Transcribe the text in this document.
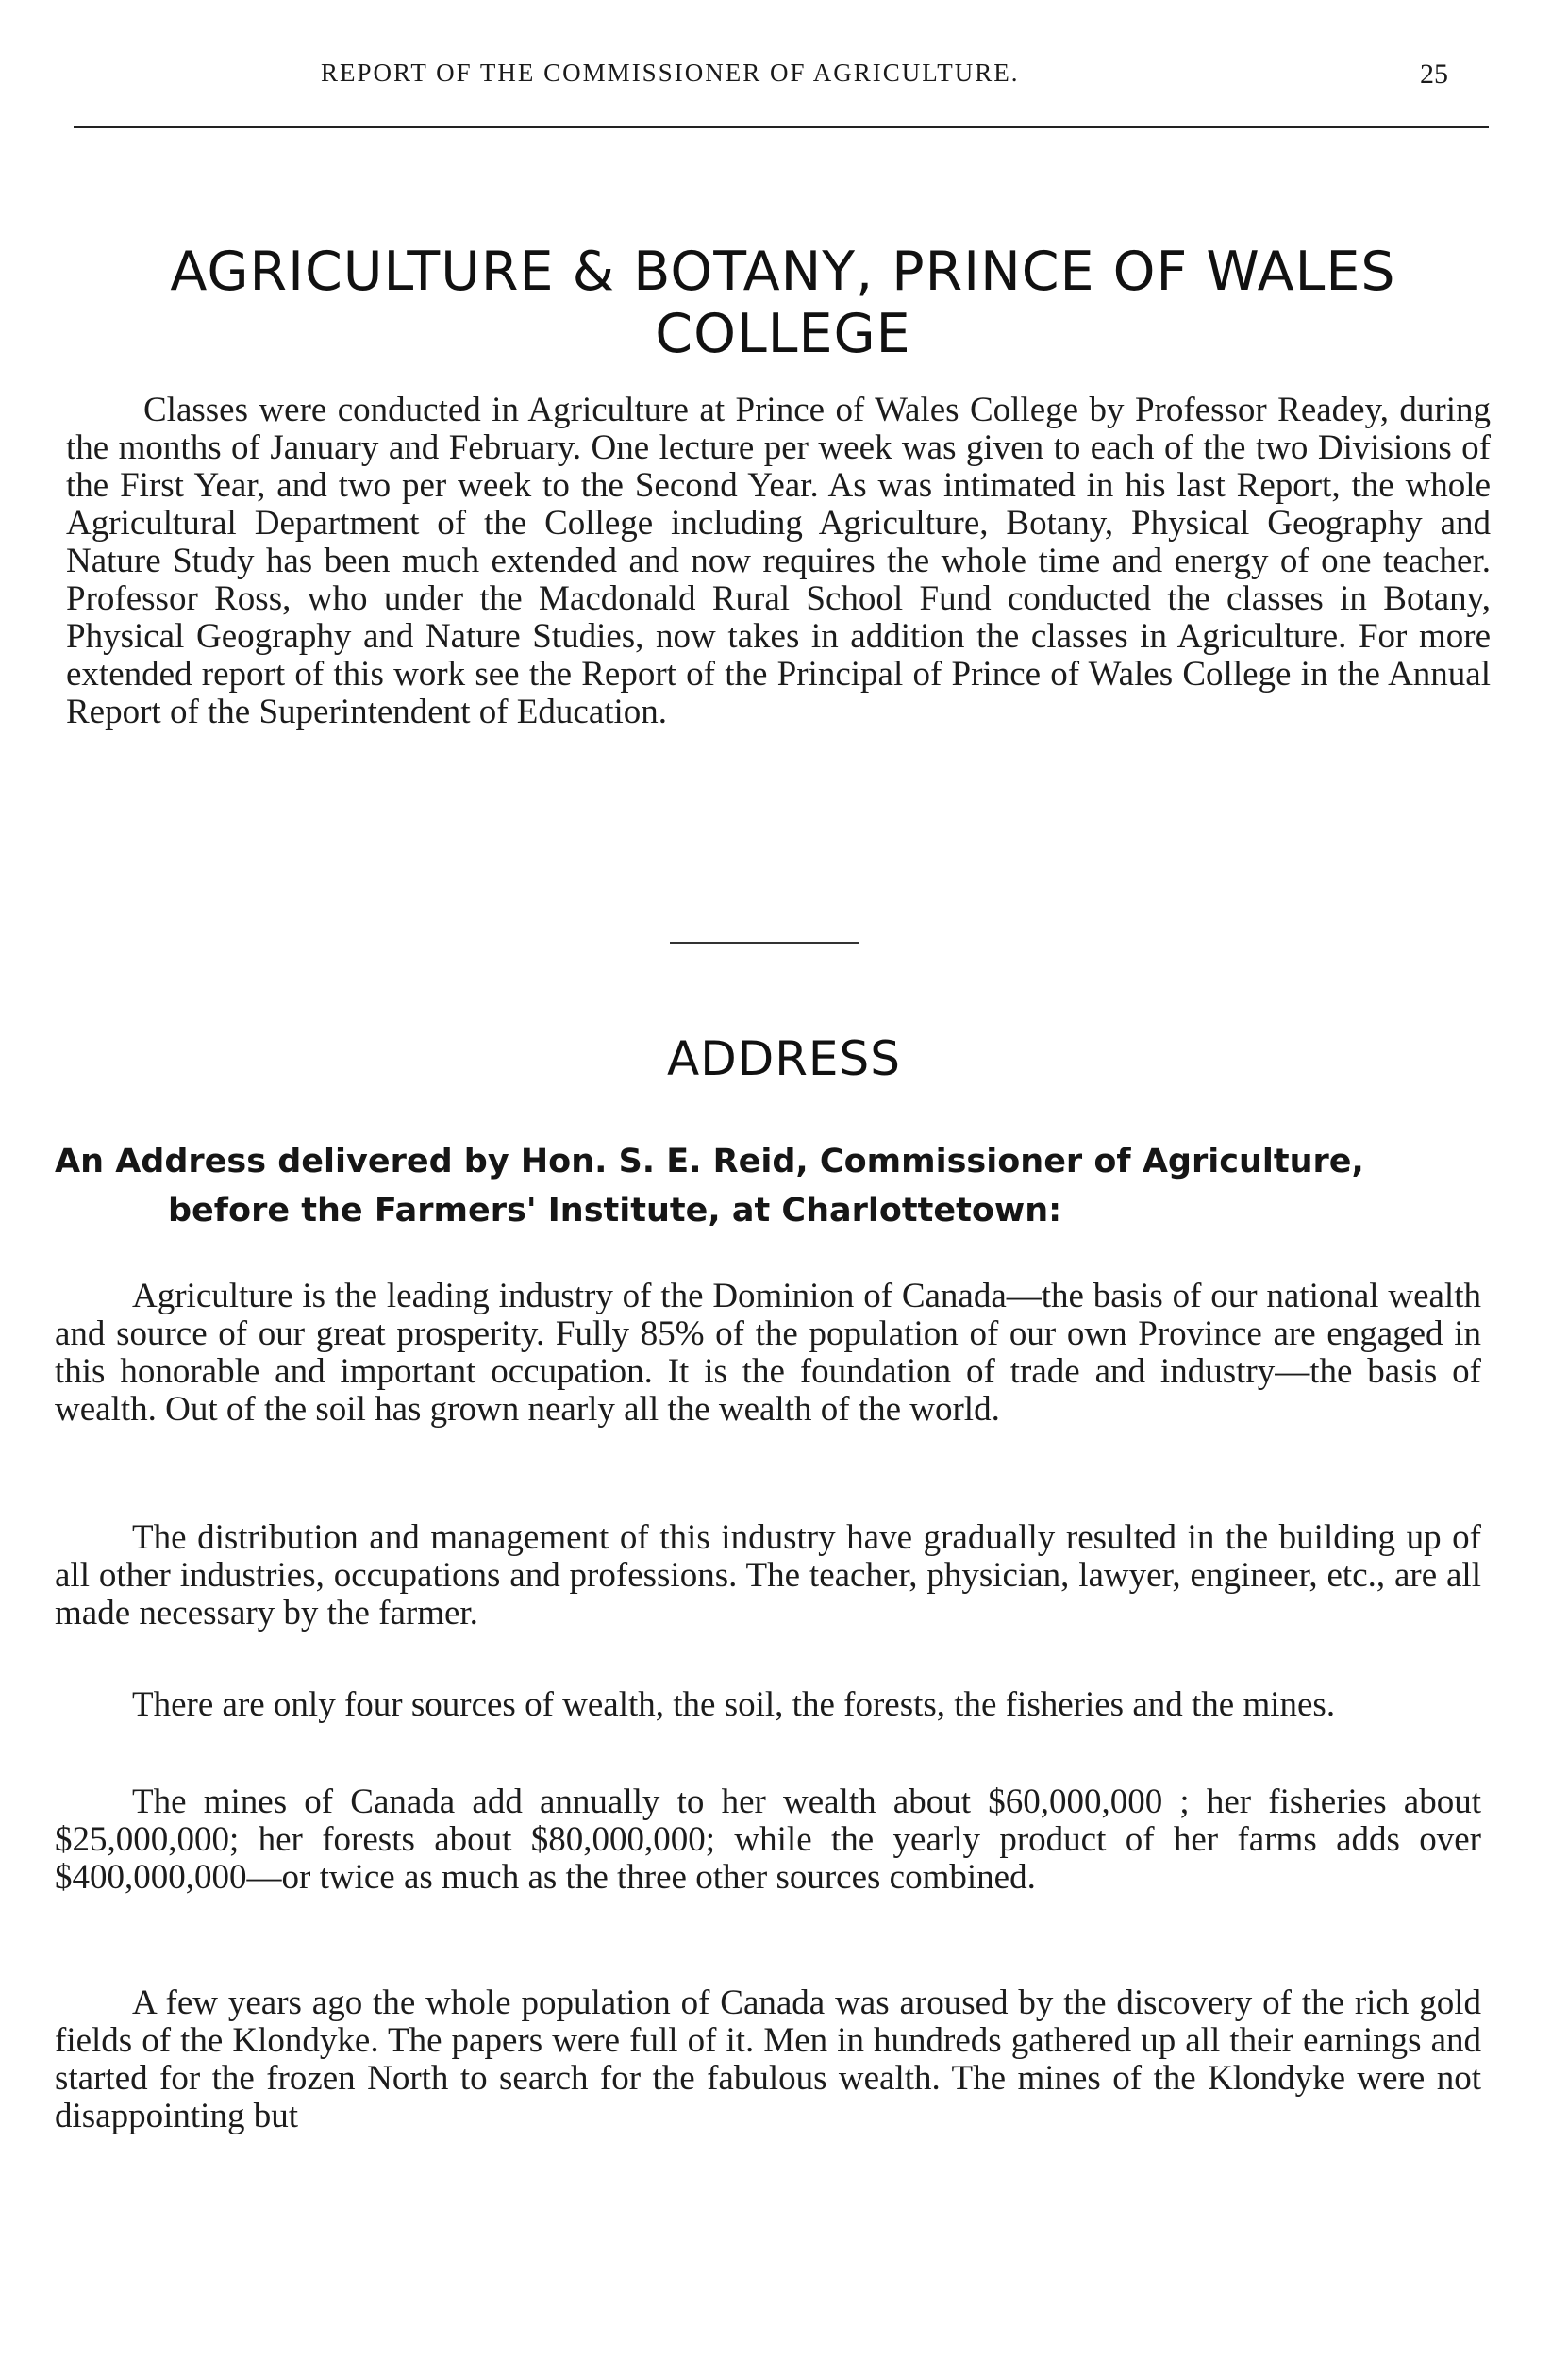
REPORT OF THE COMMISSIONER OF AGRICULTURE.	25
AGRICULTURE & BOTANY, PRINCE OF WALES COLLEGE

Classes were conducted in Agriculture at Prince of Wales College by Professor Readey, during the months of January and February. One lecture per week was given to each of the two Divisions of the First Year, and two per week to the Second Year. As was intimated in his last Report, the whole Agricultural Department of the College including Agriculture, Botany, Physical Geography and Nature Study has been much extended and now requires the whole time and energy of one teacher. Professor Ross, who under the Macdonald Rural School Fund conducted the classes in Botany, Physical Geography and Nature Studies, now takes in addition the classes in Agriculture. For more extended report of this work see the Report of the Principal of Prince of Wales College in the Annual Report of the Superintendent of Education.

ADDRESS
An Address delivered by Hon. S. E. Reid, Commissioner of Agriculture,
before the Farmers' Institute, at Charlottetown:

Agriculture is the leading industry of the Dominion of Canada—the basis of our national wealth and source of our great prosperity. Fully 85% of the population of our own Province are engaged in this honorable and important occupation. It is the foundation of trade and industry—the basis of wealth. Out of the soil has grown nearly all the wealth of the world.

The distribution and management of this industry have gradually resulted in the building up of all other industries, occupations and professions. The teacher, physician, lawyer, engineer, etc., are all made necessary by the farmer.

There are only four sources of wealth, the soil, the forests, the fisheries and the mines.

The mines of Canada add annually to her wealth about $60,000,000 ; her fisheries about $25,000,000; her forests about $80,000,000; while the yearly product of her farms adds over $400,000,000—or twice as much as the three other sources combined.

A few years ago the whole population of Canada was aroused by the discovery of the rich gold fields of the Klondyke. The papers were full of it. Men in hundreds gathered up all their earnings and started for the frozen North to search for the fabulous wealth. The mines of the Klondyke were not disappointing but
